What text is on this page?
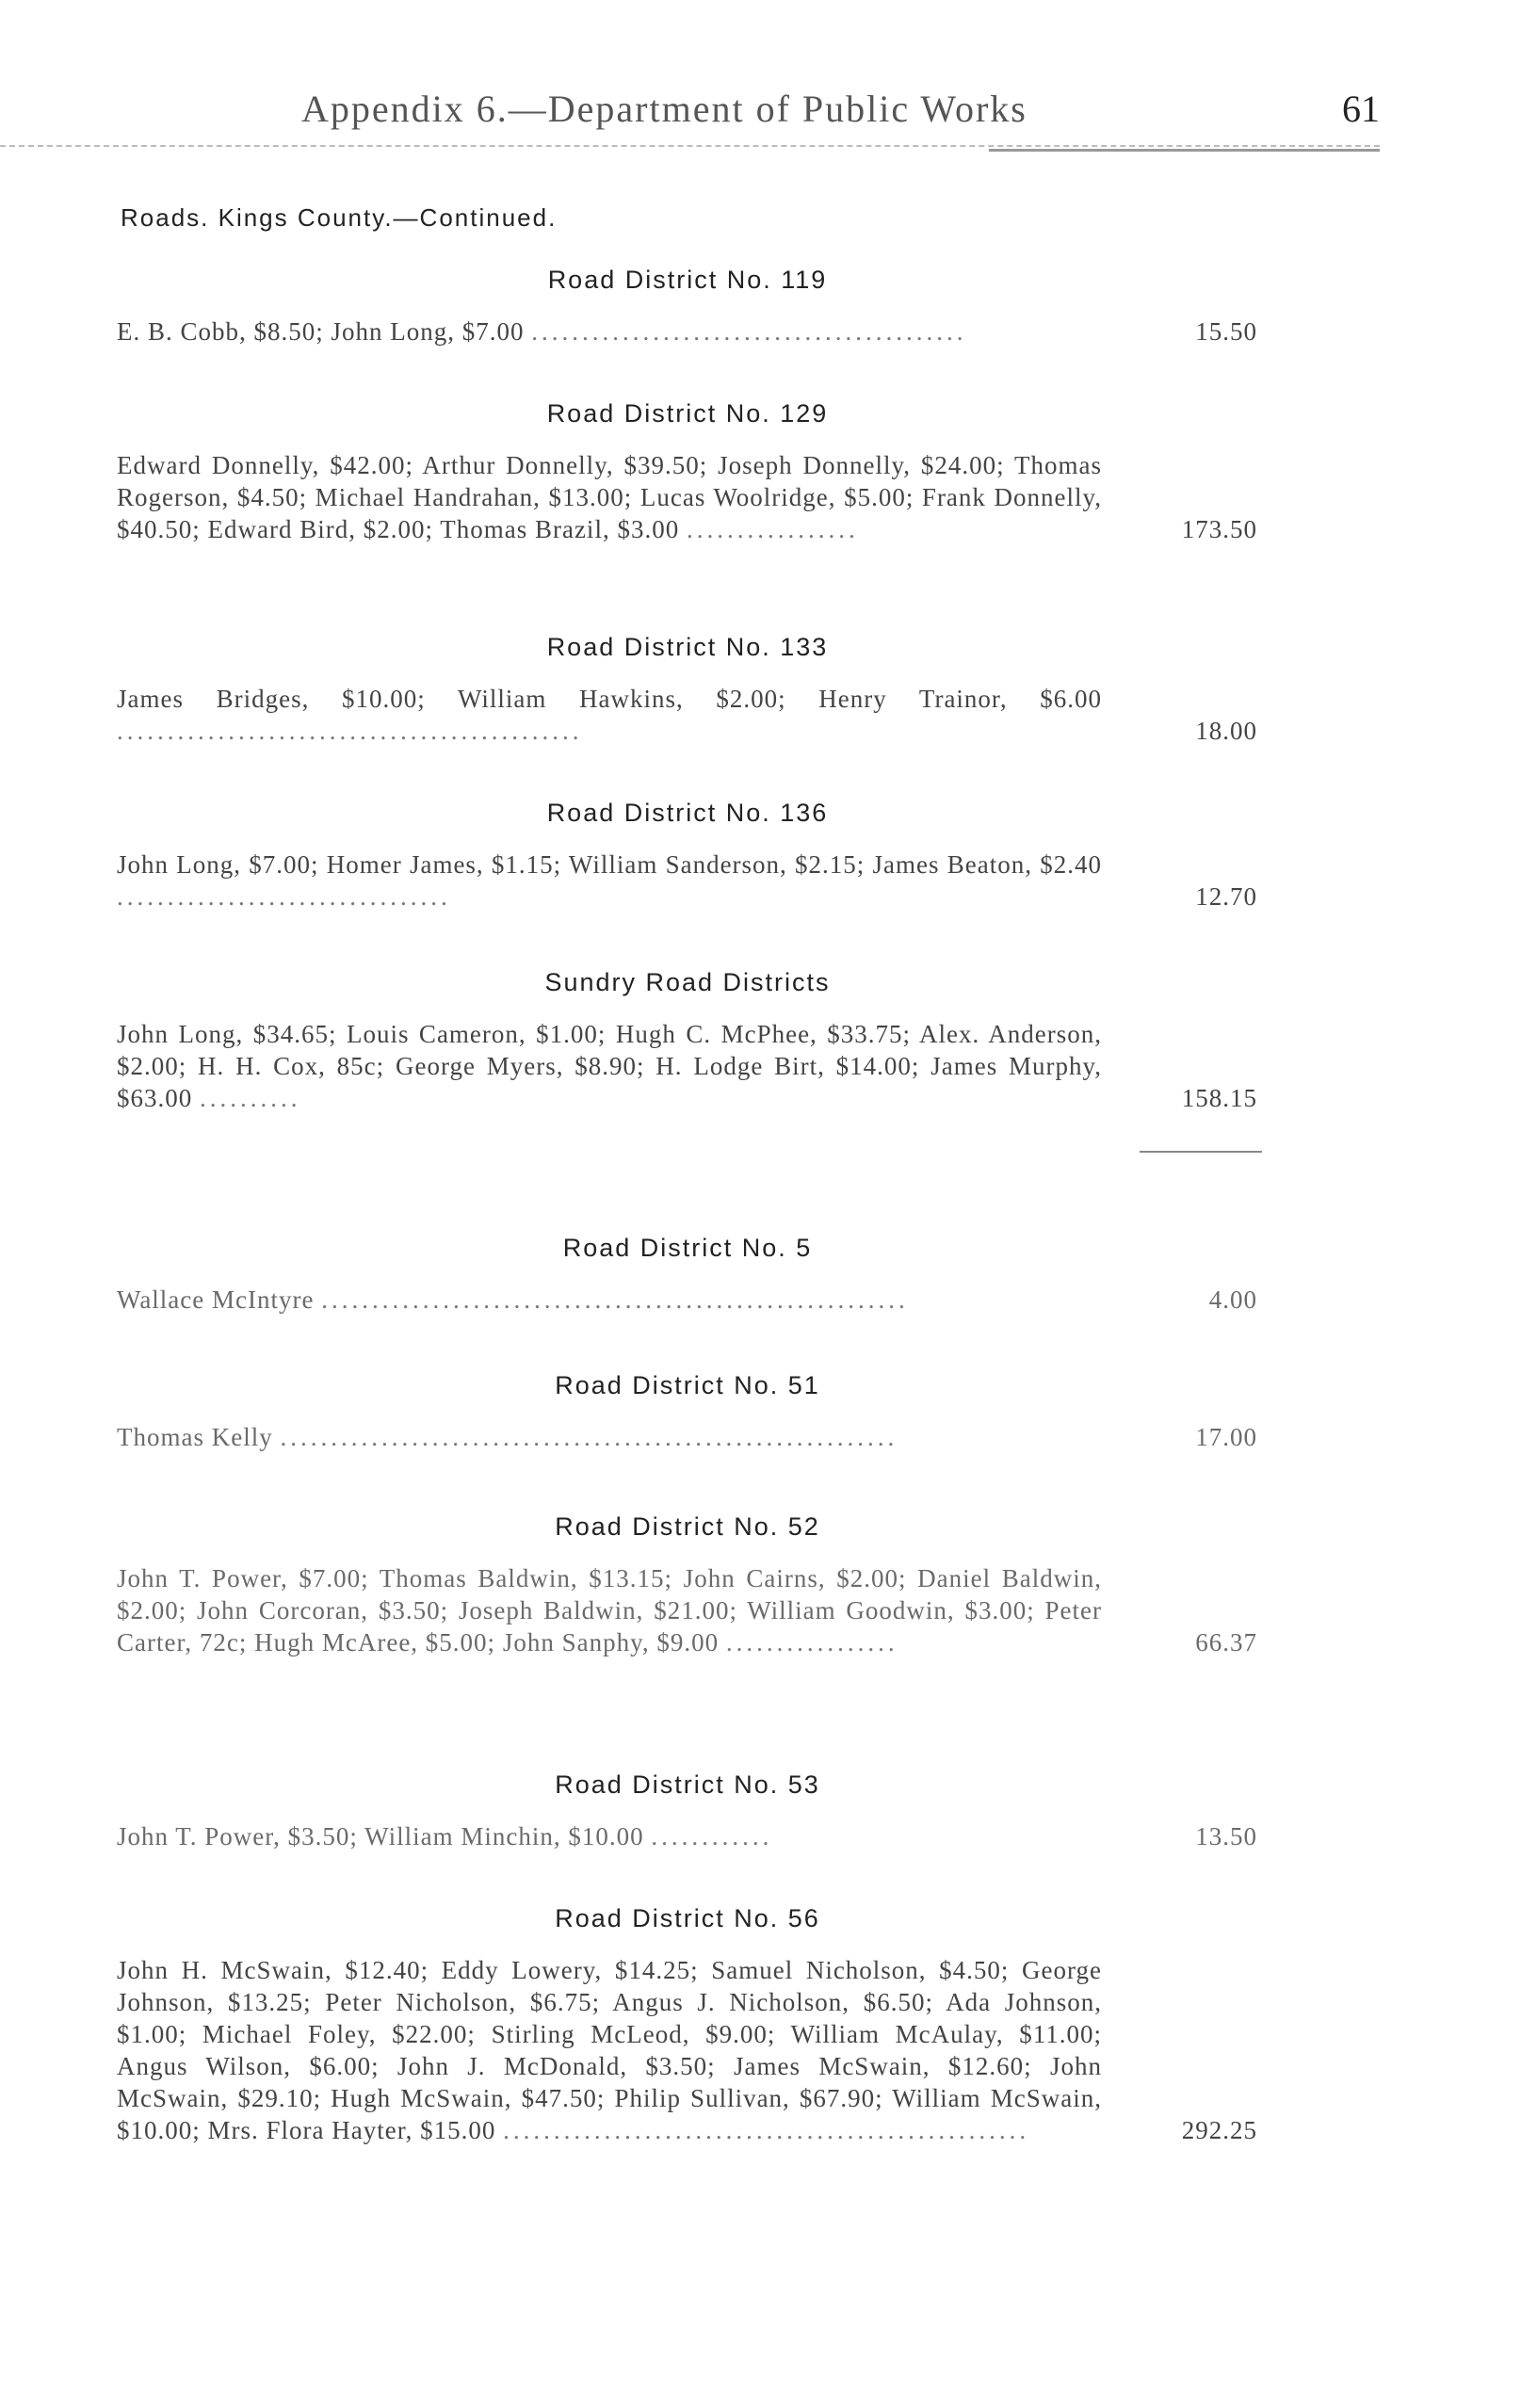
Appendix 6.—Department of Public Works	61
Roads. Kings County.—Continued.
Road District No. 119
E. B. Cobb, $8.50; John Long, $7.00 ...........................................	15.50
Road District No. 129
Edward Donnelly, $42.00; Arthur Donnelly, $39.50; Joseph Donnelly, $24.00; Thomas Rogerson, $4.50; Michael Handrahan, $13.00; Lucas Woolridge, $5.00; Frank Donnelly, $40.50; Edward Bird, $2.00; Thomas Brazil, $3.00 .................	173.50
Road District No. 133
James Bridges, $10.00; William Hawkins, $2.00; Henry Trainor, $6.00 ..............................................	18.00
Road District No. 136
John Long, $7.00; Homer James, $1.15; William Sanderson, $2.15; James Beaton, $2.40 .................................	12.70
Sundry Road Districts
John Long, $34.65; Louis Cameron, $1.00; Hugh C. McPhee, $33.75; Alex. Anderson, $2.00; H. H. Cox, 85c; George Myers, $8.90; H. Lodge Birt, $14.00; James Murphy, $63.00 ..........	158.15
Road District No. 5
Wallace McIntyre ..........................................................	4.00
Road District No. 51
Thomas Kelly .............................................................	17.00
Road District No. 52
John T. Power, $7.00; Thomas Baldwin, $13.15; John Cairns, $2.00; Daniel Baldwin, $2.00; John Corcoran, $3.50; Joseph Baldwin, $21.00; William Goodwin, $3.00; Peter Carter, 72c; Hugh McAree, $5.00; John Sanphy, $9.00 .................	66.37
Road District No. 53
John T. Power, $3.50; William Minchin, $10.00 ............	13.50
Road District No. 56
John H. McSwain, $12.40; Eddy Lowery, $14.25; Samuel Nicholson, $4.50; George Johnson, $13.25; Peter Nicholson, $6.75; Angus J. Nicholson, $6.50; Ada Johnson, $1.00; Michael Foley, $22.00; Stirling McLeod, $9.00; William McAulay, $11.00; Angus Wilson, $6.00; John J. McDonald, $3.50; James McSwain, $12.60; John McSwain, $29.10; Hugh McSwain, $47.50; Philip Sullivan, $67.90; William McSwain, $10.00; Mrs. Flora Hayter, $15.00 ....................................................	292.25
